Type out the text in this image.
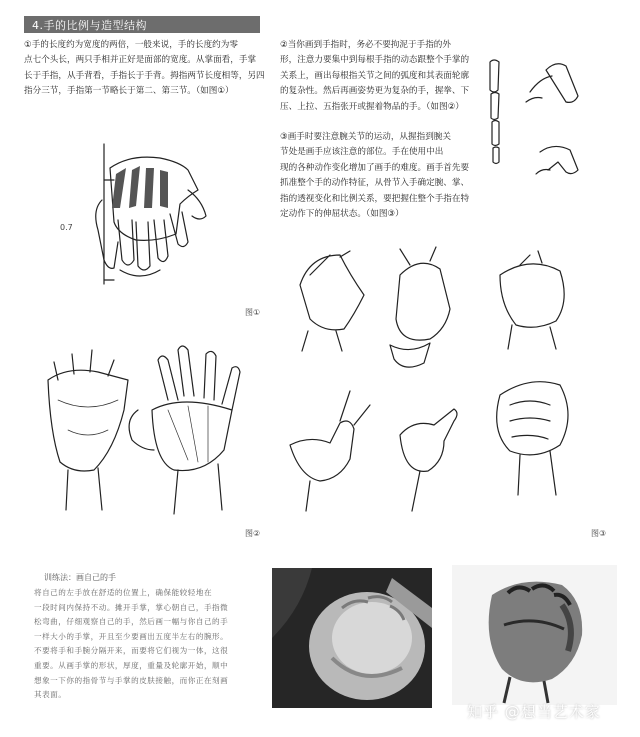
4.手的比例与造型结构
①手的长度约为宽度的两倍，一般来说，手的长度约为零
点七个头长，两只手相并正好是面部的宽度。从掌面看，手掌
长于手指，从手背看，手指长于手背。拇指两节长度相等，另四
指分三节，手指第一节略长于第二、第三节。（如图①）
②当你画到手指时，务必不要拘泥于手指的外
形，注意力要集中到每根手指的动态跟整个手掌的
关系上，画出每根指关节之间的弧度和其表面轮廓
的复杂性。然后再画姿势更为复杂的手，握拳、下
压、上拉、五指张开或握着物品的手。（如图②）
③画手时要注意腕关节的运动，从握指到腕关
节处是画手应该注意的部位。手在使用中出
现的各种动作变化增加了画手的难度。画手首先要
抓准整个手的动作特征，从骨节入手确定腕、掌、
指的透视变化和比例关系，要把握住整个手指在特
定动作下的伸屈状态。（如图③）
0.7
图①
图②	图③
训练法：画自己的手
将自己的左手放在舒适的位置上，确保能较轻地在
一段时间内保持不动。摊开手掌，掌心朝自己，手指微
松弯曲，仔细观察自己的手，然后画一幅与你自己的手
一样大小的手掌，开且至少要画出五度半左右的腕形。
不要将手和手腕分隔开来，而要将它们视为一体，这很
重要。从画手掌的形状，厚度，重量及轮廓开始，顺中
想象一下你的指骨节与手掌的皮肤接触，而你正在刻画
其表面。
知乎 @想当艺术家
